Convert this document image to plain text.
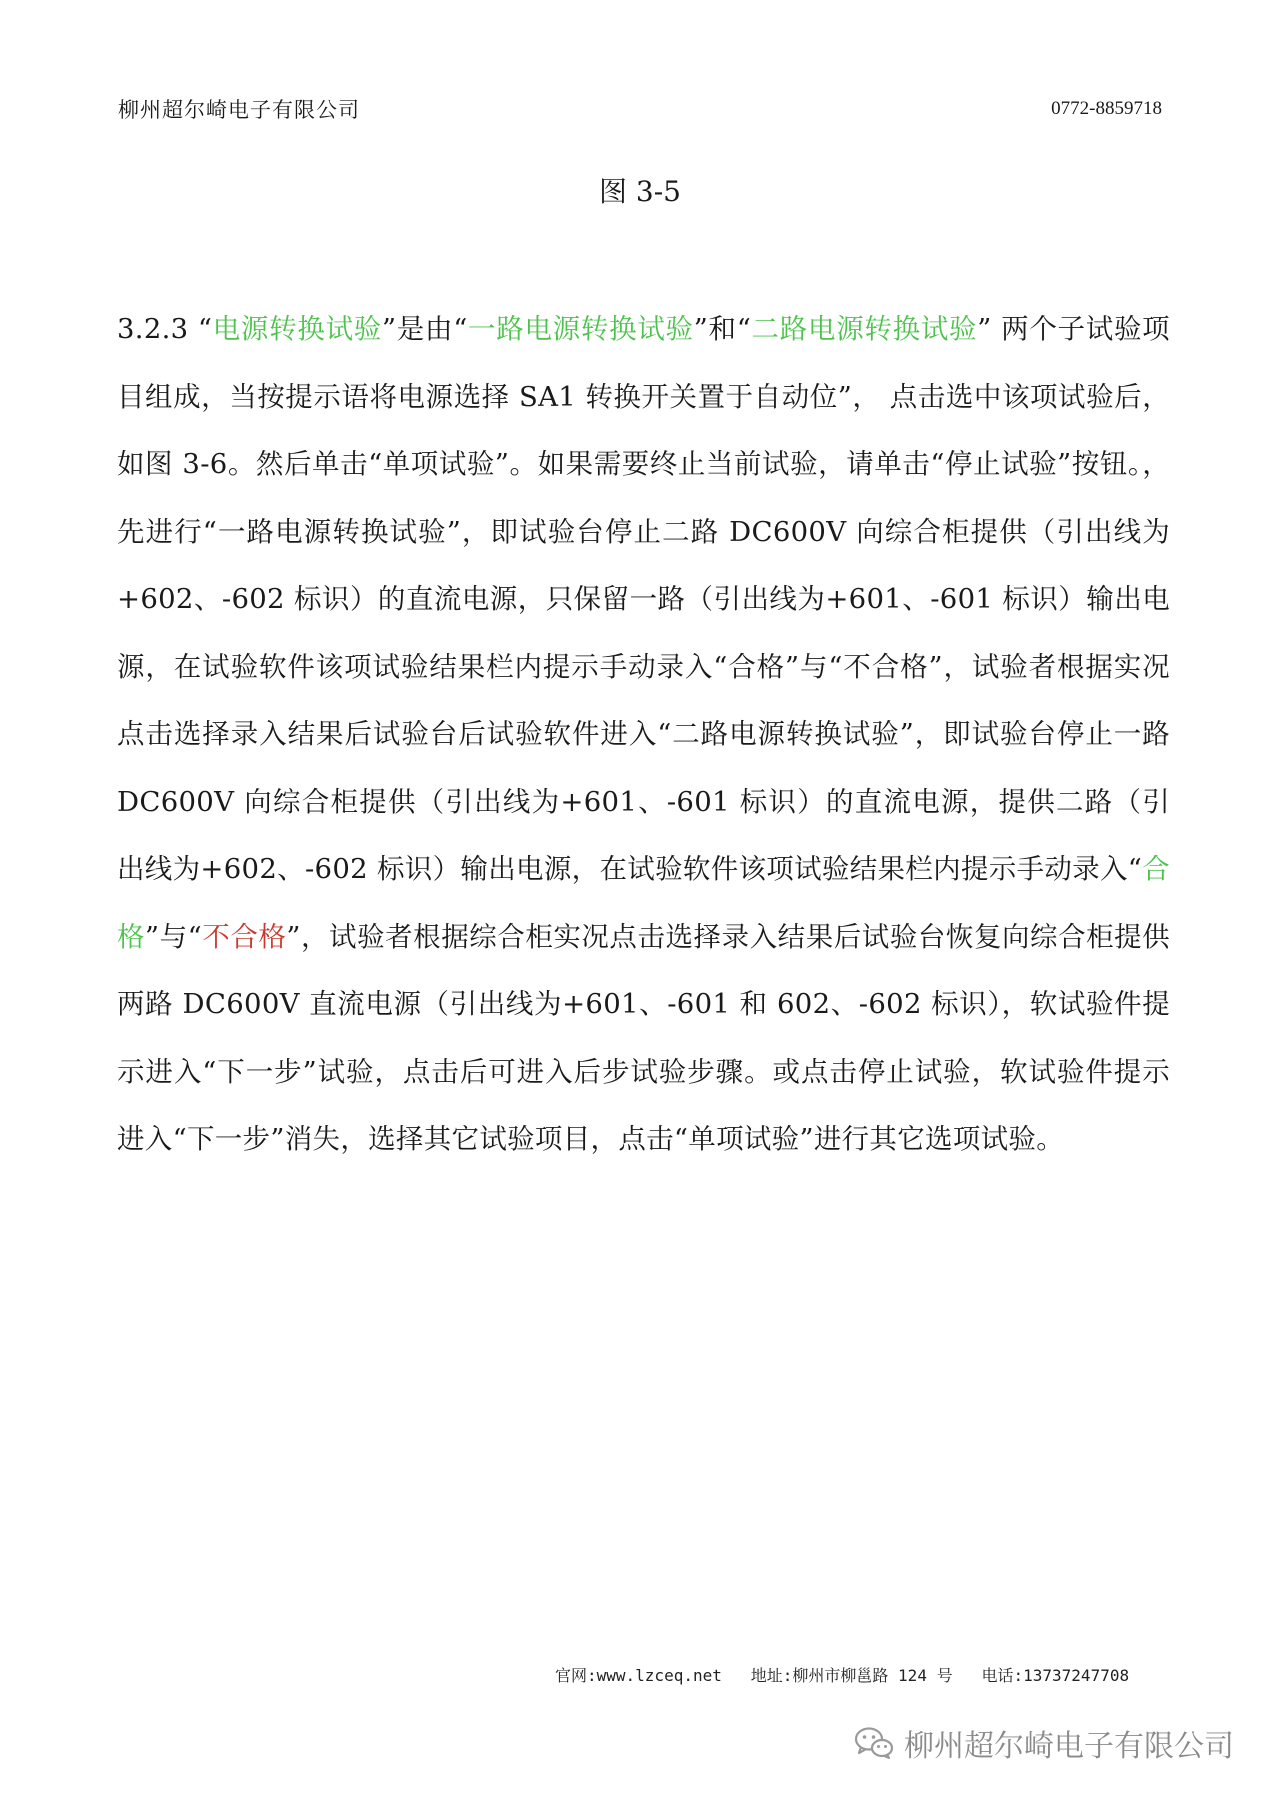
柳州超尔崎电子有限公司	0772-8859718
图 3-5
3.2.3 “电源转换试验”是由“一路电源转换试验”和“二路电源转换试验” 两个子试验项目组成，当按提示语将电源选择 SA1 转换开关置于自动位”， 点击选中该项试验后，如图 3-6。然后单击“单项试验”。如果需要终止当前试验，请单击“停止试验”按钮。，先进行“一路电源转换试验”，即试验台停止二路 DC600V 向综合柜提供（引出线为+602、-602 标识）的直流电源，只保留一路（引出线为+601、-601 标识）输出电源，在试验软件该项试验结果栏内提示手动录入“合格”与“不合格”，试验者根据实况点击选择录入结果后试验台后试验软件进入“二路电源转换试验”，即试验台停止一路 DC600V 向综合柜提供（引出线为+601、-601 标识）的直流电源，提供二路（引出线为+602、-602 标识）输出电源，在试验软件该项试验结果栏内提示手动录入“合格”与“不合格”，试验者根据综合柜实况点击选择录入结果后试验台恢复向综合柜提供两路 DC600V 直流电源（引出线为+601、-601 和 602、-602 标识），软试验件提示进入“下一步”试验，点击后可进入后步试验步骤。或点击停止试验，软试验件提示进入“下一步”消失，选择其它试验项目，点击“单项试验”进行其它选项试验。
官网:www.lzceq.net 地址:柳州市柳邕路 124 号 电话:13737247708
柳州超尔崎电子有限公司
